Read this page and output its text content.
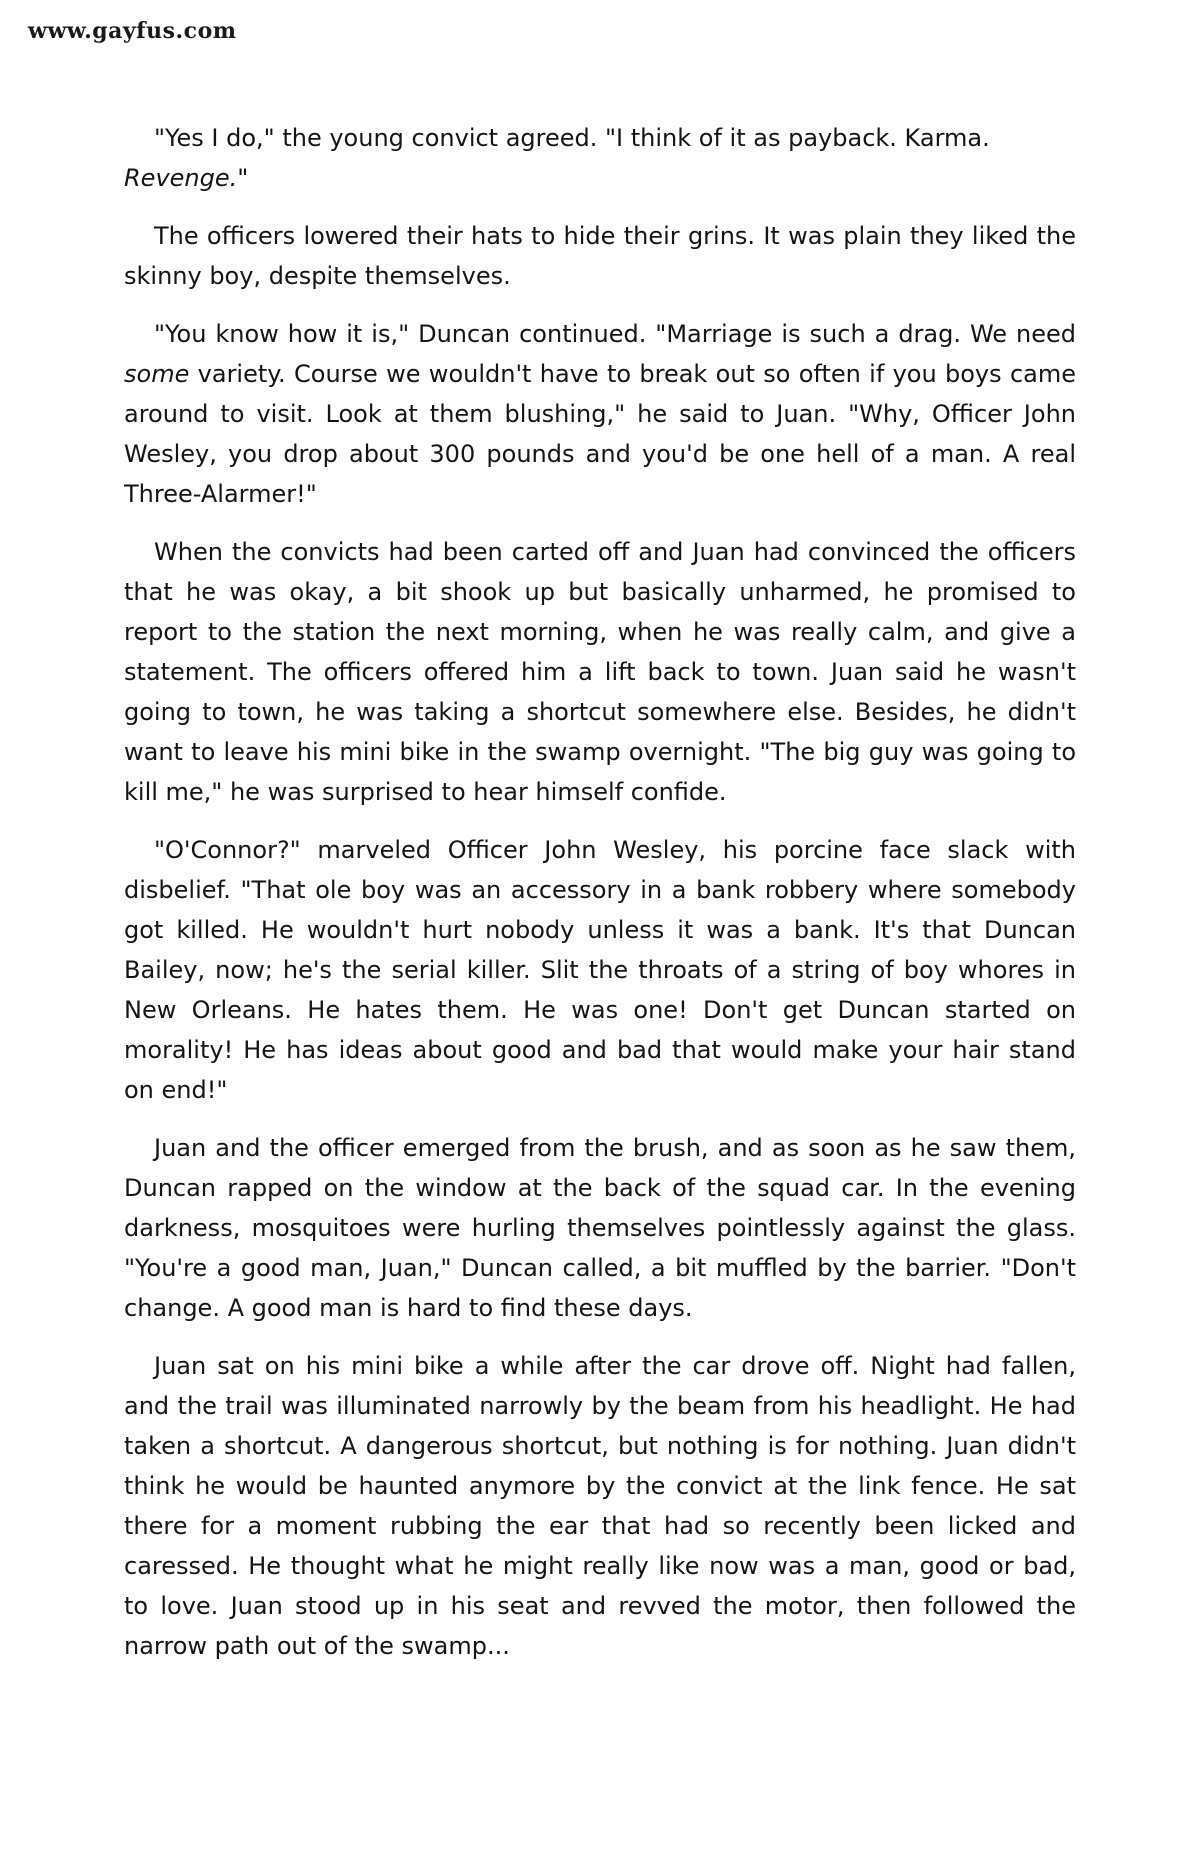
www.gayfus.com

"Yes I do," the young convict agreed. "I think of it as payback. Karma. Revenge."

The officers lowered their hats to hide their grins. It was plain they liked the skinny boy, despite themselves.

"You know how it is," Duncan continued. "Marriage is such a drag. We need some variety. Course we wouldn't have to break out so often if you boys came around to visit. Look at them blushing," he said to Juan. "Why, Officer John Wesley, you drop about 300 pounds and you'd be one hell of a man. A real Three-Alarmer!"

When the convicts had been carted off and Juan had convinced the officers that he was okay, a bit shook up but basically unharmed, he promised to report to the station the next morning, when he was really calm, and give a statement. The officers offered him a lift back to town. Juan said he wasn't going to town, he was taking a shortcut somewhere else. Besides, he didn't want to leave his mini bike in the swamp overnight. "The big guy was going to kill me," he was surprised to hear himself confide.

"O'Connor?" marveled Officer John Wesley, his porcine face slack with disbelief. "That ole boy was an accessory in a bank robbery where somebody got killed. He wouldn't hurt nobody unless it was a bank. It's that Duncan Bailey, now; he's the serial killer. Slit the throats of a string of boy whores in New Orleans. He hates them. He was one! Don't get Duncan started on morality! He has ideas about good and bad that would make your hair stand on end!"

Juan and the officer emerged from the brush, and as soon as he saw them, Duncan rapped on the window at the back of the squad car. In the evening darkness, mosquitoes were hurling themselves pointlessly against the glass. "You're a good man, Juan," Duncan called, a bit muffled by the barrier. "Don't change. A good man is hard to find these days.

Juan sat on his mini bike a while after the car drove off. Night had fallen, and the trail was illuminated narrowly by the beam from his headlight. He had taken a shortcut. A dangerous shortcut, but nothing is for nothing. Juan didn't think he would be haunted anymore by the convict at the link fence. He sat there for a moment rubbing the ear that had so recently been licked and caressed. He thought what he might really like now was a man, good or bad, to love. Juan stood up in his seat and revved the motor, then followed the narrow path out of the swamp...
